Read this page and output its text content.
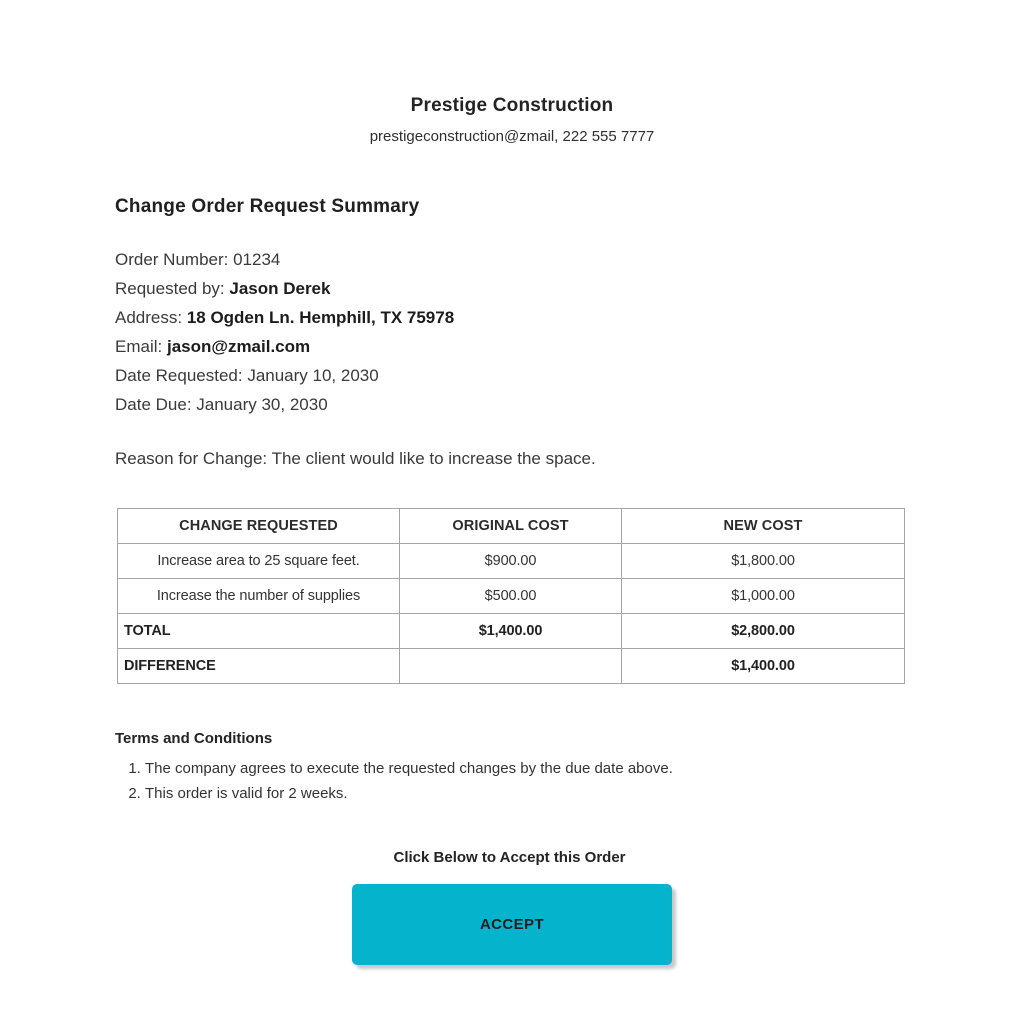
Prestige Construction
prestigeconstruction@zmail, 222 555 7777
Change Order Request Summary
Order Number: 01234
Requested by: Jason Derek
Address: 18 Ogden Ln. Hemphill, TX 75978
Email: jason@zmail.com
Date Requested: January 10, 2030
Date Due: January 30, 2030
Reason for Change: The client would like to increase the space.
CHANGE REQUESTED	ORIGINAL COST	NEW COST
Increase area to 25 square feet.	$900.00	$1,800.00
Increase the number of supplies	$500.00	$1,000.00
TOTAL	$1,400.00	$2,800.00
DIFFERENCE		$1,400.00
Terms and Conditions
1. The company agrees to execute the requested changes by the due date above.
2. This order is valid for 2 weeks.
Click Below to Accept this Order
ACCEPT
